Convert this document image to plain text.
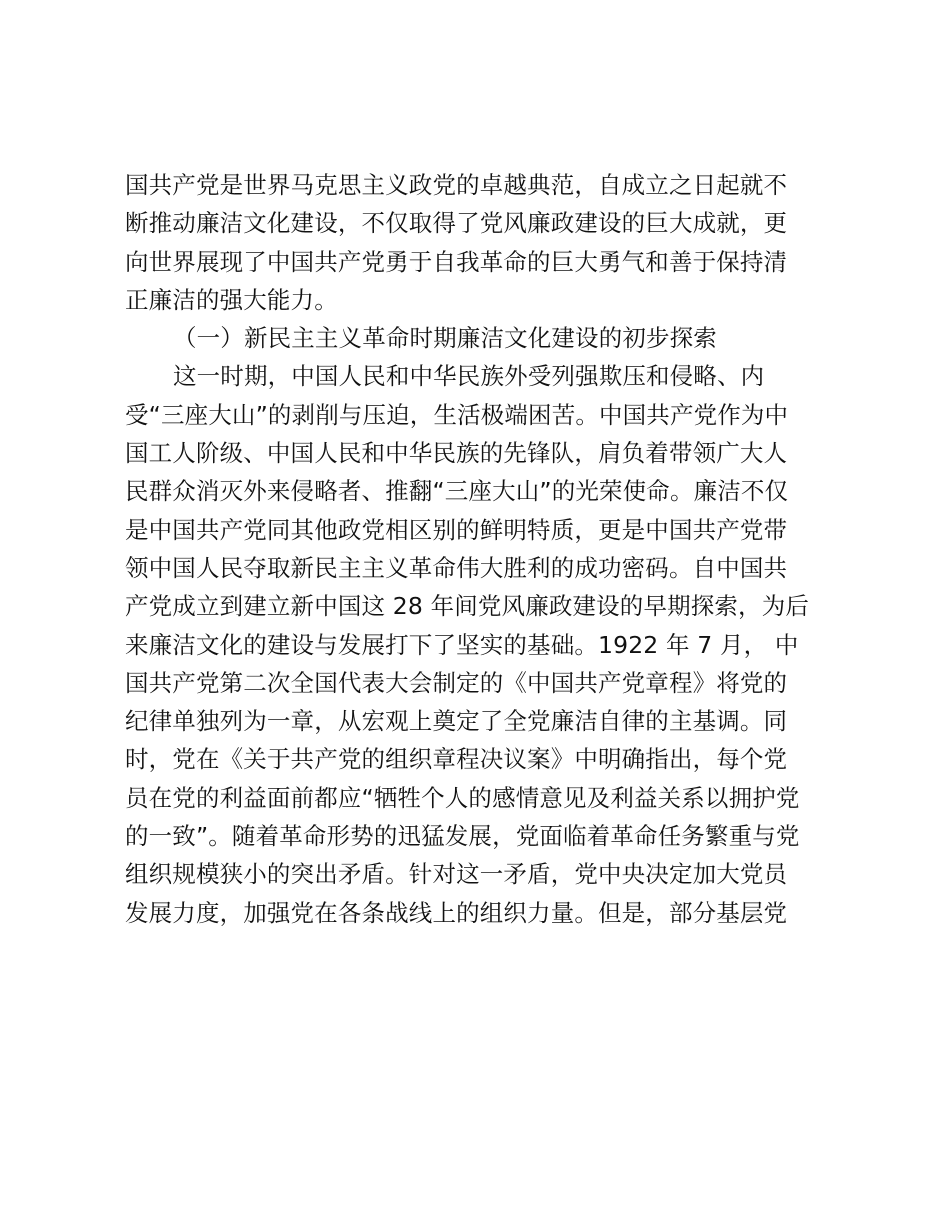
国共产党是世界马克思主义政党的卓越典范，自成立之日起就不
断推动廉洁文化建设，不仅取得了党风廉政建设的巨大成就，更
向世界展现了中国共产党勇于自我革命的巨大勇气和善于保持清
正廉洁的强大能力。
（一）新民主主义革命时期廉洁文化建设的初步探索
这一时期，中国人民和中华民族外受列强欺压和侵略、内
受“三座大山”的剥削与压迫，生活极端困苦。中国共产党作为中
国工人阶级、中国人民和中华民族的先锋队，肩负着带领广大人
民群众消灭外来侵略者、推翻“三座大山”的光荣使命。廉洁不仅
是中国共产党同其他政党相区别的鲜明特质，更是中国共产党带
领中国人民夺取新民主主义革命伟大胜利的成功密码。自中国共
产党成立到建立新中国这 28 年间党风廉政建设的早期探索，为后
来廉洁文化的建设与发展打下了坚实的基础。1922 年 7 月， 中
国共产党第二次全国代表大会制定的《中国共产党章程》将党的
纪律单独列为一章，从宏观上奠定了全党廉洁自律的主基调。同
时，党在《关于共产党的组织章程决议案》中明确指出，每个党
员在党的利益面前都应“牺牲个人的感情意见及利益关系以拥护党
的一致”。随着革命形势的迅猛发展，党面临着革命任务繁重与党
组织规模狭小的突出矛盾。针对这一矛盾，党中央决定加大党员
发展力度，加强党在各条战线上的组织力量。但是，部分基层党
